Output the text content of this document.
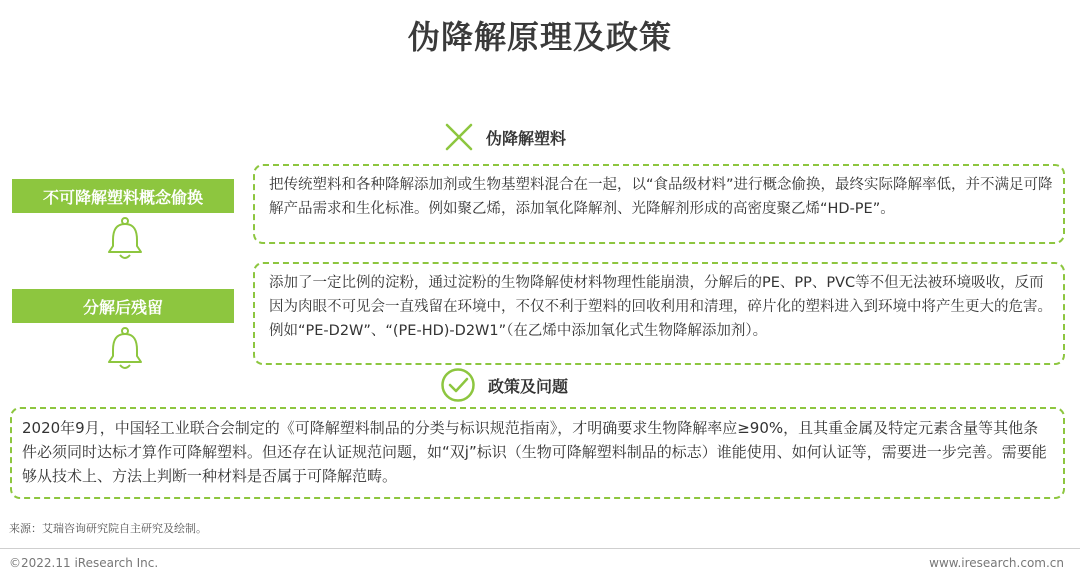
伪降解原理及政策
伪降解塑料
不可降解塑料概念偷换
把传统塑料和各种降解添加剂或生物基塑料混合在一起，以“食品级材料”进行概念偷换，最终实际降解率低，并不满足可降解产品需求和生化标准。例如聚乙烯，添加氧化降解剂、光降解剂形成的高密度聚乙烯“HD-PE”。
分解后残留
添加了一定比例的淀粉，通过淀粉的生物降解使材料物理性能崩溃，分解后的PE、PP、PVC等不但无法被环境吸收，反而因为肉眼不可见会一直残留在环境中，不仅不利于塑料的回收利用和清理，碎片化的塑料进入到环境中将产生更大的危害。例如“PE-D2W”、“(PE-HD)-D2W1”（在乙烯中添加氧化式生物降解添加剂）。
政策及问题
2020年9月，中国轻工业联合会制定的《可降解塑料制品的分类与标识规范指南》，才明确要求生物降解率应≥90%，且其重金属及特定元素含量等其他条件必须同时达标才算作可降解塑料。但还存在认证规范问题，如“双j”标识（生物可降解塑料制品的标志）谁能使用、如何认证等，需要进一步完善。需要能够从技术上、方法上判断一种材料是否属于可降解范畴。
来源：艾瑞咨询研究院自主研究及绘制。
©2022.11 iResearch Inc.	www.iresearch.com.cn
